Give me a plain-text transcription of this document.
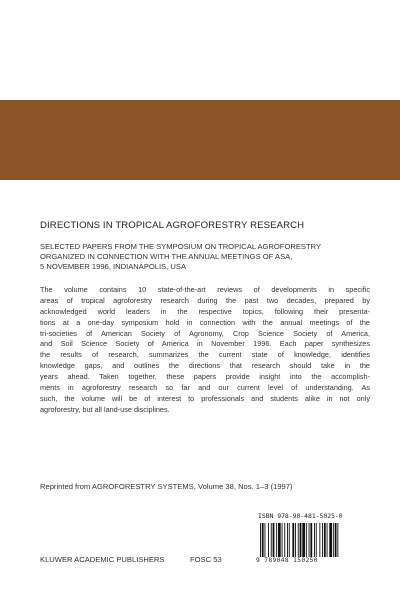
DIRECTIONS IN TROPICAL AGROFORESTRY RESEARCH
SELECTED PAPERS FROM THE SYMPOSIUM ON TROPICAL AGROFORESTRY
ORGANIZED IN CONNECTION WITH THE ANNUAL MEETINGS OF ASA,
5 NOVEMBER 1996, INDIANAPOLIS, USA
The volume contains 10 state-of-the-art reviews of developments in specific
areas of tropical agroforestry research during the past two decades, prepared by
acknowledged world leaders in the respective topics, following their presenta-
tions at a one-day symposium hold in connection with the annual meetings of the
tri-societies of American Society of Agronomy, Crop Science Society of America,
and Soil Science Society of America in November 1996. Each paper synthesizes
the results of research, summarizes the current state of knowledge, identifies
knowledge gaps, and outlines the directions that research should take in the
years ahead. Taken together, these papers provide insight into the accomplish-
ments in agroforestry research so far and our current level of understanding. As
such, the volume will be of interest to professionals and students alike in not only
agroforestry, but all land-use disciplines.
Reprinted from AGROFORESTRY SYSTEMS, Volume 38, Nos. 1–3 (1997)
ISBN 978-90-481-5025-0
9 789048 150250
KLUWER ACADEMIC PUBLISHERS	FOSC 53
